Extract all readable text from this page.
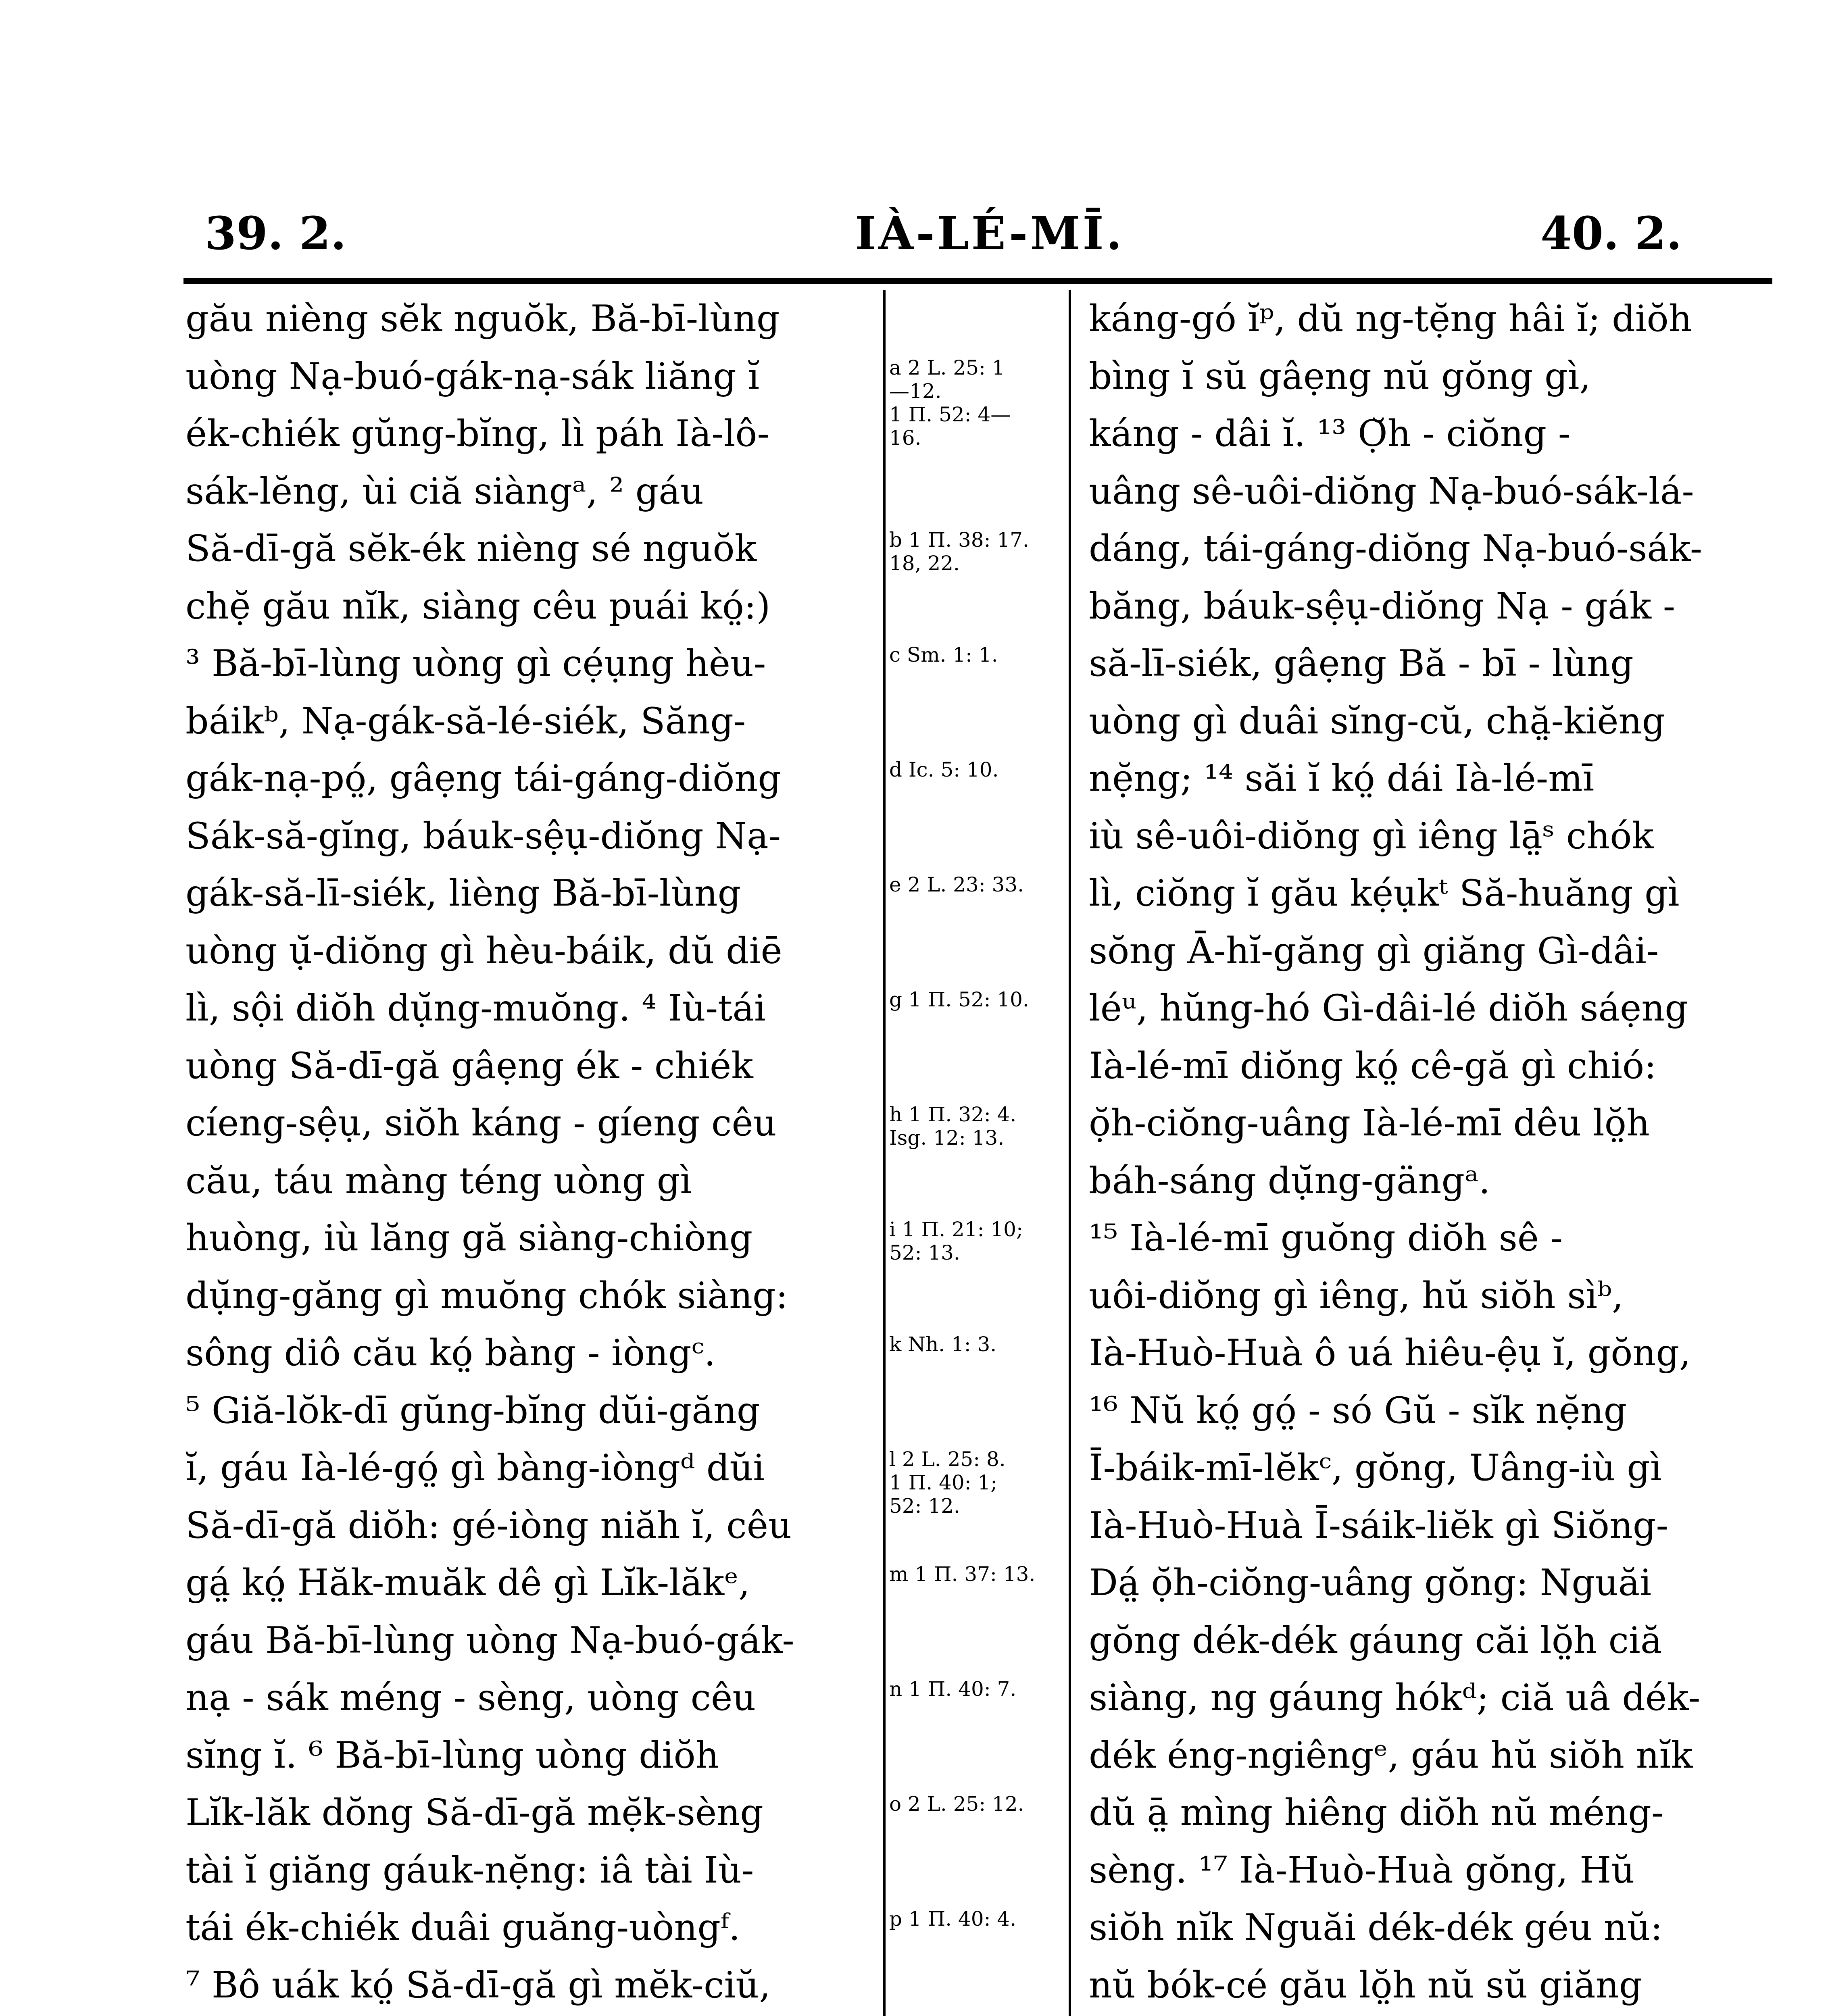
39. 2.	IÀ-LÉ-MĪ.	40. 2.
gău nièng sĕk nguŏk, Bă-bī-lùng
uòng Nạ-buó-gák-nạ-sák liăng ĭ
ék-chiék gŭng-bĭng, lì páh Ià-lô-
sák-lĕng, ùi ciă siàngᵃ, ² gáu
Să-dī-gă sĕk-ék nièng sé nguŏk
chẹ̆ gău nĭk, siàng cêu puái kó̤:)
³ Bă-bī-lùng uòng gì cẹ́ụng hèu-
báikᵇ, Nạ-gák-să-lé-siék, Săng-
gák-nạ-pó̤, gâẹng tái-gáng-diŏng
Sák-să-gĭng, báuk-sệụ-diŏng Nạ-
gák-să-lī-siék, lièng Bă-bī-lùng
uòng ụ̆-diŏng gì hèu-báik, dŭ diē
lì, sội diŏh dụ̆ng-muŏng. ⁴ Iù-tái
uòng Să-dī-gă gâẹng ék - chiék
cíeng-sệụ, siŏh káng - gíeng cêu
cău, táu màng téng uòng gì
huòng, iù lăng gă siàng-chiòng
dụ̆ng-găng gì muŏng chók siàng:
sông diô cău kó̤ bàng - iòngᶜ.
⁵ Giă-lŏk-dī gŭng-bĭng dŭi-găng
ĭ, gáu Ià-lé-gó̤ gì bàng-iòngᵈ dŭi
Să-dī-gă diŏh: gé-iòng niăh ĭ, cêu
gá̤ kó̤ Hăk-muăk dê gì Lĭk-lăkᵉ,
gáu Bă-bī-lùng uòng Nạ-buó-gák-
nạ - sák méng - sèng, uòng cêu
sĭng ĭ. ⁶ Bă-bī-lùng uòng diŏh
Lĭk-lăk dŏng Să-dī-gă mẹ̆k-sèng
tài ĭ giăng gáuk-nẹ̆ng: iâ tài Iù-
tái ék-chiék duâi guăng-uòngᶠ.
⁷ Bô uák kó̤ Să-dī-gă gì mĕk-ciŭ,
a 2 L. 25: 1
—12.
1 П. 52: 4—
16.
b 1 П. 38: 17.
18, 22.
c Sm. 1: 1.
d Ic. 5: 10.
e 2 L. 23: 33.
g 1 П. 52: 10.
h 1 П. 32: 4.
Isg. 12: 13.
i 1 П. 21: 10;
52: 13.
k Nh. 1: 3.
l 2 L. 25: 8.
1 П. 40: 1;
52: 12.
m 1 П. 37: 13.
n 1 П. 40: 7.
o 2 L. 25: 12.
p 1 П. 40: 4.
káng-gó ĭᵖ, dŭ ng-tẹ̆ng hâi ĭ; diŏh
bìng ĭ sŭ gâẹng nŭ gŏng gì,
káng - dâi ĭ. ¹³ Ọ̆h - ciŏng -
uâng sê-uôi-diŏng Nạ-buó-sák-lá-
dáng, tái-gáng-diŏng Nạ-buó-sák-
băng, báuk-sệụ-diŏng Nạ - gák -
să-lī-siék, gâẹng Bă - bī - lùng
uòng gì duâi sĭng-cŭ, chă̤-kiĕng
nẹ̆ng; ¹⁴ săi ĭ kó̤ dái Ià-lé-mī
iù sê-uôi-diŏng gì iêng lā̤ˢ chók
lì, ciŏng ĭ gău kẹ́ụkᵗ Să-huăng gì
sŏng Ā-hĭ-găng gì giăng Gì-dâi-
léᵘ, hŭng-hó Gì-dâi-lé diŏh sáẹng
Ià-lé-mī diŏng kó̤ cê-gă gì chió:
ọ̆h-ciŏng-uâng Ià-lé-mī dêu lŏ̤h
báh-sáng dụ̆ng-gängᵃ.
¹⁵ Ià-lé-mī guŏng diŏh sê -
uôi-diŏng gì iêng, hŭ siŏh sìᵇ,
Ià-Huò-Huà ô uá hiêu-ệụ ĭ, gŏng,
¹⁶ Nŭ kó̤ gó̤ - só Gŭ - sĭk nẹ̆ng
Ī-báik-mī-lĕkᶜ, gŏng, Uâng-iù gì
Ià-Huò-Huà Ī-sáik-liĕk gì Siŏng-
Dá̤ ọ̆h-ciŏng-uâng gŏng: Nguăi
gŏng dék-dék gáung căi lŏ̤h ciă
siàng, ng gáung hókᵈ; ciă uâ dék-
dék éng-ngiêngᵉ, gáu hŭ siŏh nĭk
dŭ ā̤ mìng hiêng diŏh nŭ méng-
sèng. ¹⁷ Ià-Huò-Huà gŏng, Hŭ
siŏh nĭk Nguăi dék-dék géu nŭ:
nŭ bók-cé gău lŏ̤h nŭ sŭ giăng
